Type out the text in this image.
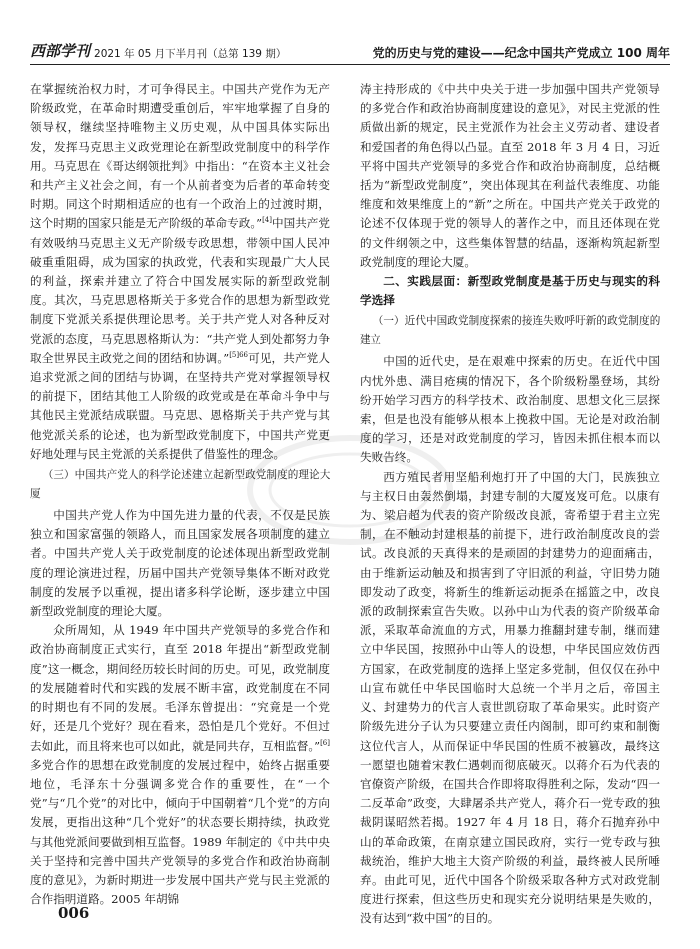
西部学刊 2021 年 05 月下半月刊（总第 139 期）	党的历史与党的建设——纪念中国共产党成立 100 周年

在掌握统治权力时，才可争得民主。中国共产党作为无产阶级政党，在革命时期遭受重创后，牢牢地掌握了自身的领导权，继续坚持唯物主义历史观，从中国具体实际出发，发挥马克思主义政党理论在新型政党制度中的科学作用。马克思在《哥达纲领批判》中指出：“在资本主义社会和共产主义社会之间，有一个从前者变为后者的革命转变时期。同这个时期相适应的也有一个政治上的过渡时期，这个时期的国家只能是无产阶级的革命专政。”[4]中国共产党有效吸纳马克思主义无产阶级专政思想，带领中国人民冲破重重阻碍，成为国家的执政党，代表和实现最广大人民的利益，探索并建立了符合中国发展实际的新型政党制度。其次，马克思恩格斯关于多党合作的思想为新型政党制度下党派关系提供理论思考。关于共产党人对各种反对党派的态度，马克思恩格斯认为：“共产党人到处都努力争取全世界民主政党之间的团结和协调。”$^{[5]66}$可见，共产党人追求党派之间的团结与协调，在坚持共产党对掌握领导权的前提下，团结其他工人阶级的政党或是在革命斗争中与其他民主党派结成联盟。马克思、恩格斯关于共产党与其他党派关系的论述，也为新型政党制度下，中国共产党更好地处理与民主党派的关系提供了借鉴性的理念。

（三）中国共产党人的科学论述建立起新型政党制度的理论大厦

中国共产党人作为中国先进力量的代表，不仅是民族独立和国家富强的领路人，而且国家发展各项制度的建立者。中国共产党人关于政党制度的论述体现出新型政党制度的理论演进过程，历届中国共产党领导集体不断对政党制度的发展予以重视，提出诸多科学论断，逐步建立中国新型政党制度的理论大厦。

众所周知，从 1949 年中国共产党领导的多党合作和政治协商制度正式实行，直至 2018 年提出“新型政党制度”这一概念，期间经历较长时间的历史。可见，政党制度的发展随着时代和实践的发展不断丰富，政党制度在不同的时期也有不同的发展。毛泽东曾提出：“究竟是一个党好，还是几个党好？现在看来，恐怕是几个党好。不但过去如此，而且将来也可以如此，就是同共存，互相监督。”[6]多党合作的思想在政党制度的发展过程中，始终占据重要地位，毛泽东十分强调多党合作的重要性，在“一个党”与“几个党”的对比中，倾向于中国朝着“几个党”的方向发展，更指出这种“几个党好”的状态要长期持续，执政党与其他党派间要做到相互监督。1989 年制定的《中共中央关于坚持和完善中国共产党领导的多党合作和政治协商制度的意见》，为新时期进一步发展中国共产党与民主党派的合作指明道路。2005 年胡锦

涛主持形成的《中共中央关于进一步加强中国共产党领导的多党合作和政治协商制度建设的意见》，对民主党派的性质做出新的规定，民主党派作为社会主义劳动者、建设者和爱国者的角色得以凸显。直至 2018 年 3 月 4 日，习近平将中国共产党领导的多党合作和政治协商制度，总结概括为“新型政党制度”，突出体现其在利益代表维度、功能维度和效果维度上的“新”之所在。中国共产党关于政党的论述不仅体现于党的领导人的著作之中，而且还体现在党的文件纲领之中，这些集体智慧的结晶，逐渐构筑起新型政党制度的理论大厦。

二、实践层面：新型政党制度是基于历史与现实的科学选择

（一）近代中国政党制度探索的接连失败呼吁新的政党制度的建立

中国的近代史，是在艰难中探索的历史。在近代中国内忧外患、满目疮痍的情况下，各个阶级粉墨登场，其纷纷开始学习西方的科学技术、政治制度、思想文化三层探索，但是也没有能够从根本上挽救中国。无论是对政治制度的学习，还是对政党制度的学习，皆因未抓住根本而以失败告终。

西方殖民者用坚船利炮打开了中国的大门，民族独立与主权日由轰然倒塌，封建专制的大厦岌岌可危。以康有为、梁启超为代表的资产阶级改良派，寄希望于君主立宪制，在不触动封建根基的前提下，进行政治制度改良的尝试。改良派的天真得来的是顽固的封建势力的迎面痛击，由于维新运动触及和损害到了守旧派的利益，守旧势力随即发动了政变，将新生的维新运动扼杀在摇篮之中，改良派的政制探索宣告失败。以孙中山为代表的资产阶级革命派，采取革命流血的方式，用暴力推翻封建专制，继而建立中华民国，按照孙中山等人的设想，中华民国应效仿西方国家，在政党制度的选择上坚定多党制，但仅仅在孙中山宣布就任中华民国临时大总统一个半月之后，帝国主义、封建势力的代言人袁世凯窃取了革命果实。此时资产阶级先进分子认为只要建立责任内阁制，即可约束和制衡这位代言人，从而保证中华民国的性质不被篡改，最终这一愿望也随着宋教仁遇刺而彻底破灭。以蒋介石为代表的官僚资产阶级，在国共合作即将取得胜利之际，发动“四一二反革命”政变，大肆屠杀共产党人，蒋介石一党专政的独裁阴谋昭然若揭。1927 年 4 月 18 日，蒋介石抛弃孙中山的革命政策，在南京建立国民政府，实行一党专政与独裁统治，维护大地主大资产阶级的利益，最终被人民所唾弃。由此可见，近代中国各个阶级采取各种方式对政党制度进行探索，但这些历史和现实充分说明结果是失败的，没有达到“救中国”的目的。

006
